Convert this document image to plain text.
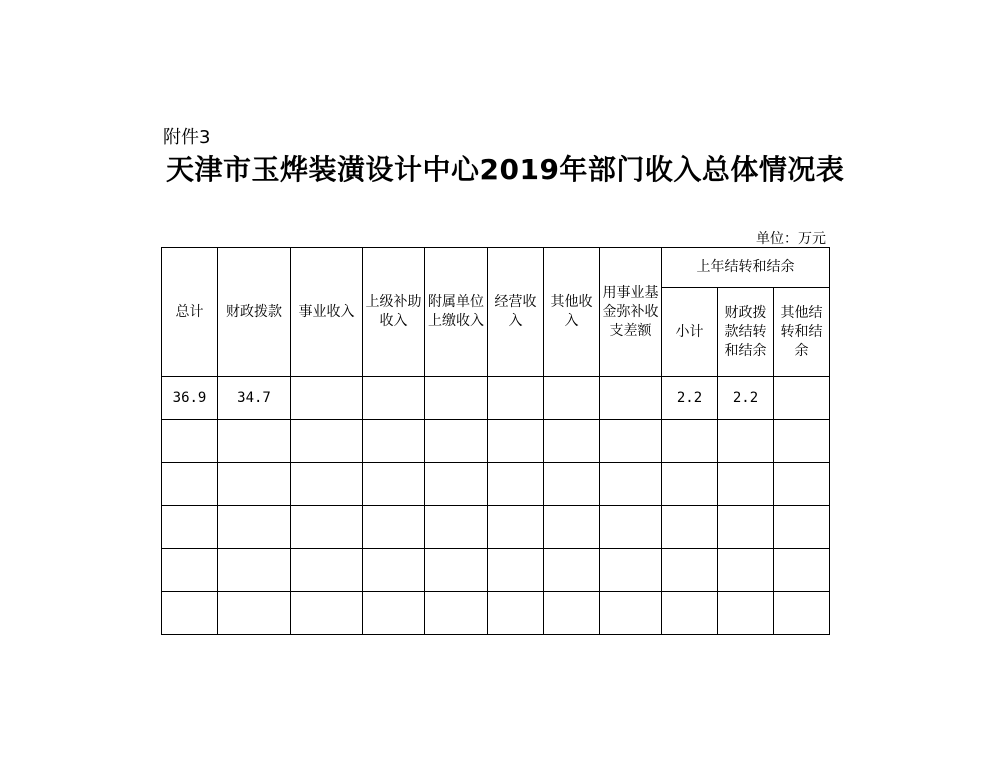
附件3
天津市玉烨装潢设计中心2019年部门收入总体情况表
单位：万元
总计	财政拨款	事业收入	上级补助收入	附属单位上缴收入	经营收入	其他收入	用事业基金弥补收支差额	上年结转和结余		
								小计	财政拨款结转和结余	其他结转和结余
36.9	34.7							2.2	2.2	
